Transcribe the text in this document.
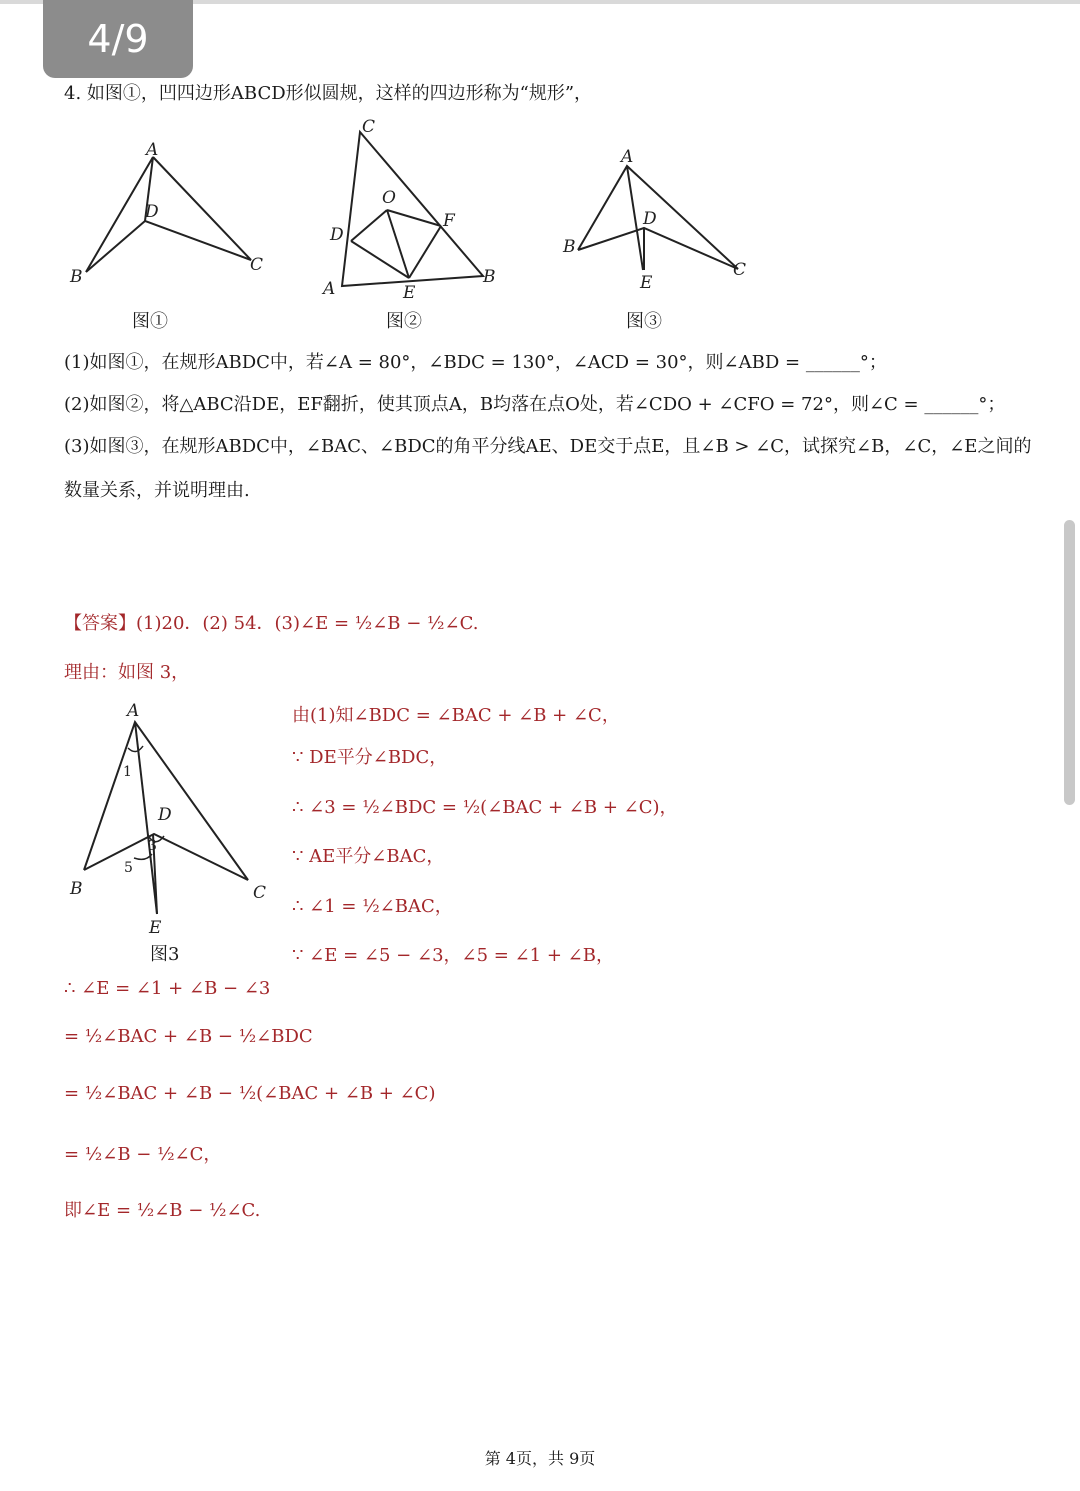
4/9
4. 如图①，凹四边形ABCD形似圆规，这样的四边形称为“规形”，
A
B
C
D
图①
C
O
D
F
A	E
B
图②
A
B
C
D
E
图③
(1)如图①，在规形ABDC中，若∠A = 80°，∠BDC = 130°，∠ACD = 30°，则∠ABD = ______°；
(2)如图②，将△ABC沿DE，EF翻折，使其顶点A，B均落在点O处，若∠CDO + ∠CFO = 72°，则∠C = ______°；
(3)如图③，在规形ABDC中，∠BAC、∠BDC的角平分线AE、DE交于点E，且∠B > ∠C，试探究∠B，∠C，∠E之间的
数量关系，并说明理由.
【答案】(1)20．(2) 54．(3)∠E = ½∠B − ½∠C.
理由：如图 3，
A
B	C
D
E
1
3
5
图3
由(1)知∠BDC = ∠BAC + ∠B + ∠C，
∵ DE平分∠BDC，
∴ ∠3 = ½∠BDC = ½(∠BAC + ∠B + ∠C)，
∵ AE平分∠BAC，
∴ ∠1 = ½∠BAC，
∵ ∠E = ∠5 − ∠3，∠5 = ∠1 + ∠B，
∴ ∠E = ∠1 + ∠B − ∠3
= ½∠BAC + ∠B − ½∠BDC
= ½∠BAC + ∠B − ½(∠BAC + ∠B + ∠C)
= ½∠B − ½∠C，
即∠E = ½∠B − ½∠C.
第 4页，共 9页
